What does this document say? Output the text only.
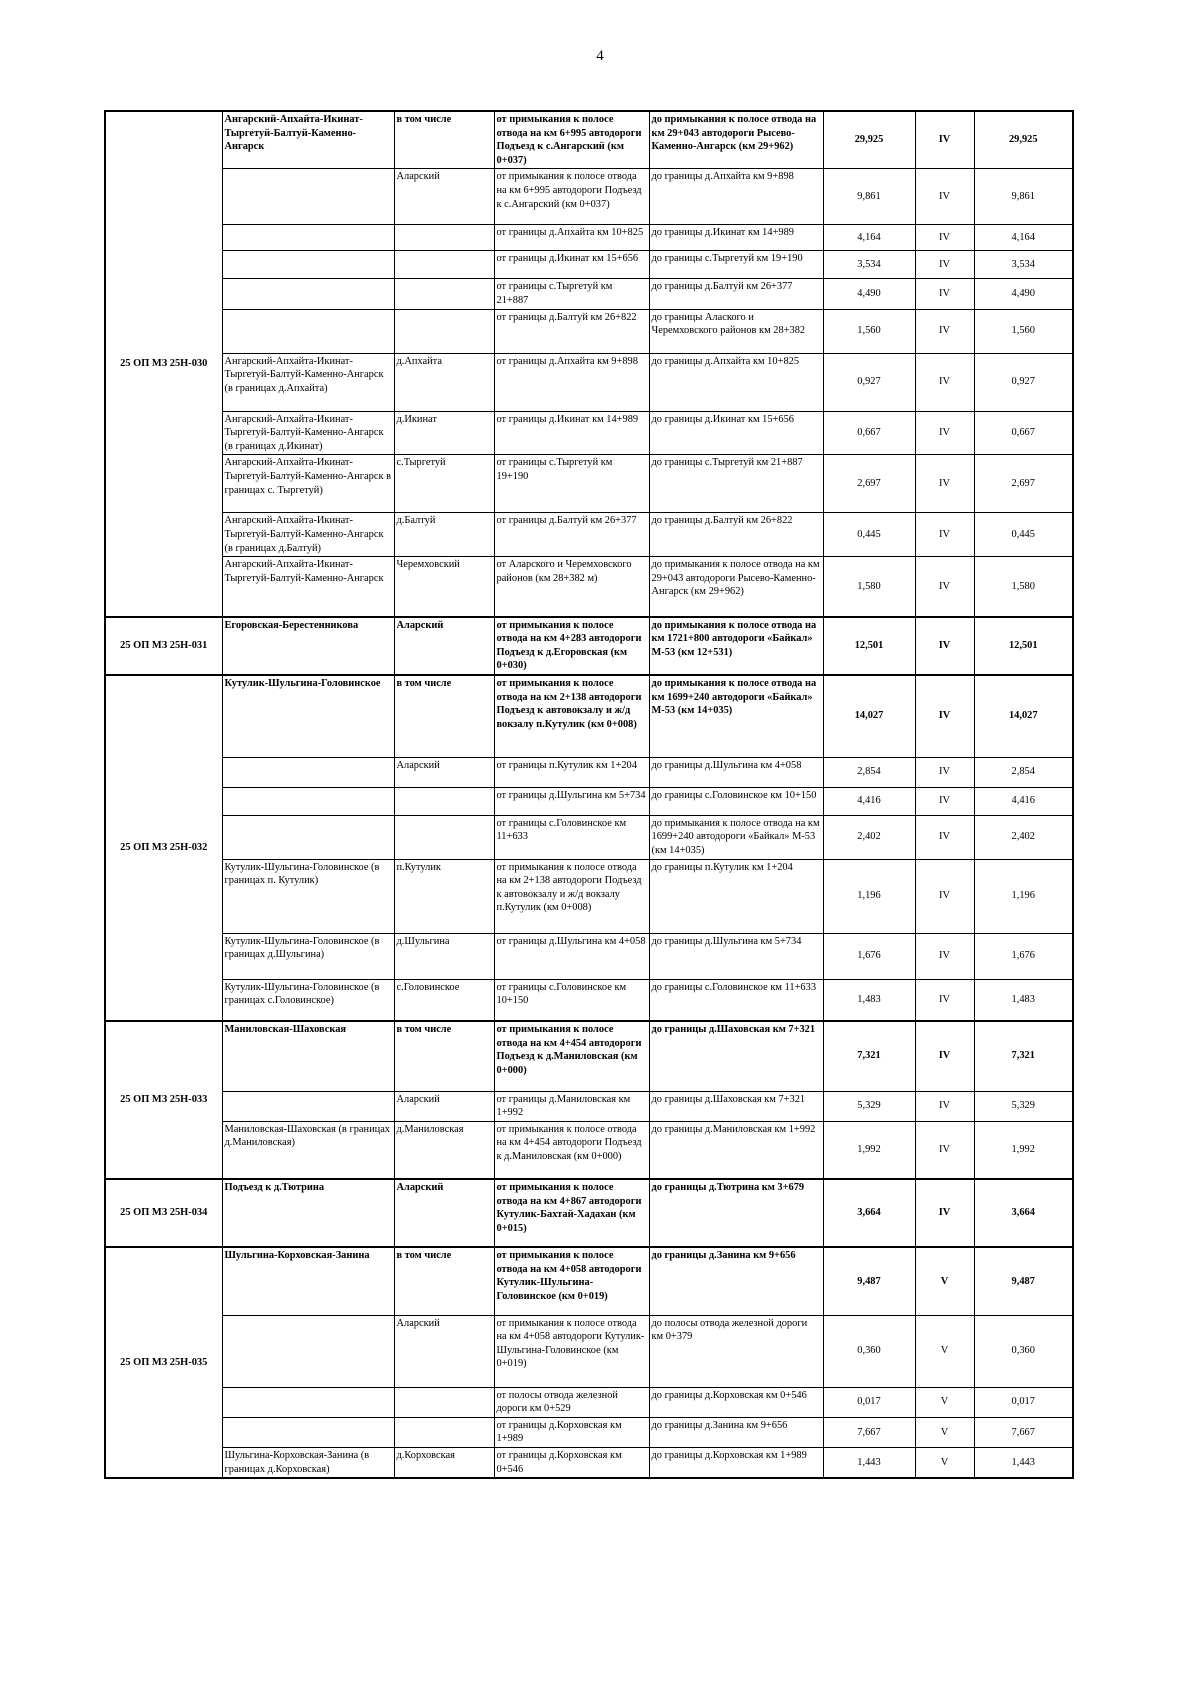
4
25 ОП МЗ 25Н-030	Ангарский-Апхайта-Икинат-Тыргетуй-Балтуй-Каменно-Ангарск	в том числе	от примыкания к полосе отвода на км 6+995 автодороги Подъезд к с.Ангарский (км 0+037)	до примыкания к полосе отвода на км 29+043 автодороги Рысево-Каменно-Ангарск (км 29+962)	29,925	IV	29,925
		Аларский	от примыкания к полосе отвода на км 6+995 автодороги Подъезд к с.Ангарский (км 0+037)	до границы д.Апхайта км 9+898	9,861	IV	9,861
			от границы д.Апхайта км 10+825	до границы д.Икинат км 14+989	4,164	IV	4,164
			от границы д.Икинат км 15+656	до границы с.Тыргетуй км 19+190	3,534	IV	3,534
			от границы с.Тыргетуй км 21+887	до границы д.Балтуй км 26+377	4,490	IV	4,490
			от границы д.Балтуй км 26+822	до границы Алаского и Черемховского районов км 28+382	1,560	IV	1,560
	Ангарский-Апхайта-Икинат-Тыргетуй-Балтуй-Каменно-Ангарск (в границах д.Апхайта)	д.Апхайта	от границы д.Апхайта км 9+898	до границы д.Апхайта км 10+825	0,927	IV	0,927
	Ангарский-Апхайта-Икинат-Тыргетуй-Балтуй-Каменно-Ангарск (в границах д.Икинат)	д.Икинат	от границы д.Икинат км 14+989	до границы д.Икинат км 15+656	0,667	IV	0,667
	Ангарский-Апхайта-Икинат-Тыргетуй-Балтуй-Каменно-Ангарск в границах с. Тыргетуй)	с.Тыргетуй	от границы с.Тыргетуй км 19+190	до границы с.Тыргетуй км 21+887	2,697	IV	2,697
	Ангарский-Апхайта-Икинат-Тыргетуй-Балтуй-Каменно-Ангарск (в границах д.Балтуй)	д.Балтуй	от границы д.Балтуй км 26+377	до границы д.Балтуй км 26+822	0,445	IV	0,445
	Ангарский-Апхайта-Икинат-Тыргетуй-Балтуй-Каменно-Ангарск	Черемховский	от Аларского и Черемховского районов (км 28+382 м)	до примыкания к полосе отвода на км 29+043 автодороги Рысево-Каменно-Ангарск (км 29+962)	1,580	IV	1,580
25 ОП МЗ 25Н-031	Егоровская-Берестенникова	Аларский	от примыкания к полосе отвода на км 4+283 автодороги Подъезд к д.Егоровская (км 0+030)	до примыкания к полосе отвода на км 1721+800 автодороги «Байкал» М-53 (км 12+531)	12,501	IV	12,501
25 ОП МЗ 25Н-032	Кутулик-Шульгина-Головинское	в том числе	от примыкания к полосе отвода на км 2+138 автодороги Подъезд к автовокзалу и ж/д вокзалу п.Кутулик (км 0+008)	до примыкания к полосе отвода на км 1699+240 автодороги «Байкал» М-53 (км 14+035)	14,027	IV	14,027
		Аларский	от границы п.Кутулик км 1+204	до границы д.Шульгина км 4+058	2,854	IV	2,854
			от границы д.Шульгина км 5+734	до границы с.Головинское км 10+150	4,416	IV	4,416
			от границы с.Головинское км 11+633	до примыкания к полосе отвода на км 1699+240 автодороги «Байкал» М-53 (км 14+035)	2,402	IV	2,402
	Кутулик-Шульгина-Головинское (в границах п. Кутулик)	п.Кутулик	от примыкания к полосе отвода на км 2+138 автодороги Подъезд к автовокзалу и ж/д вокзалу п.Кутулик (км 0+008)	до границы п.Кутулик км 1+204	1,196	IV	1,196
	Кутулик-Шульгина-Головинское (в границах д.Шульгина)	д.Шульгина	от границы д.Шульгина км 4+058	до границы д.Шульгина км 5+734	1,676	IV	1,676
	Кутулик-Шульгина-Головинское (в границах с.Головинское)	с.Головинское	от границы с.Головинское км 10+150	до границы с.Головинское км 11+633	1,483	IV	1,483
25 ОП МЗ 25Н-033	Маниловская-Шаховская	в том числе	от примыкания к полосе отвода на км 4+454 автодороги Подъезд к д.Маниловская (км 0+000)	до границы д.Шаховская км 7+321	7,321	IV	7,321
		Аларский	от границы д.Маниловская км 1+992	до границы д.Шаховская км 7+321	5,329	IV	5,329
	Маниловская-Шаховская (в границах д.Маниловская)	д.Маниловская	от примыкания к полосе отвода на км 4+454 автодороги Подъезд к д.Маниловская (км 0+000)	до границы д.Маниловская км 1+992	1,992	IV	1,992
25 ОП МЗ 25Н-034	Подъезд к д.Тютрина	Аларский	от примыкания к полосе отвода на км 4+867 автодороги Кутулик-Бахтай-Хадахан (км 0+015)	до границы д.Тютрина км 3+679	3,664	IV	3,664
25 ОП МЗ 25Н-035	Шульгина-Корховская-Занина	в том числе	от примыкания к полосе отвода на км 4+058 автодороги Кутулик-Шульгина-Головинское (км 0+019)	до границы д.Занина км 9+656	9,487	V	9,487
		Аларский	от примыкания к полосе отвода на км 4+058 автодороги Кутулик-Шульгина-Головинское (км 0+019)	до полосы отвода железной дороги км 0+379	0,360	V	0,360
			от полосы отвода железной дороги км 0+529	до границы д.Корховская км 0+546	0,017	V	0,017
			от границы д.Корховская км 1+989	до границы д.Занина км 9+656	7,667	V	7,667
	Шульгина-Корховская-Занина (в границах д.Корховская)	д.Корховская	от границы д.Корховская км 0+546	до границы д.Корховская км 1+989	1,443	V	1,443
